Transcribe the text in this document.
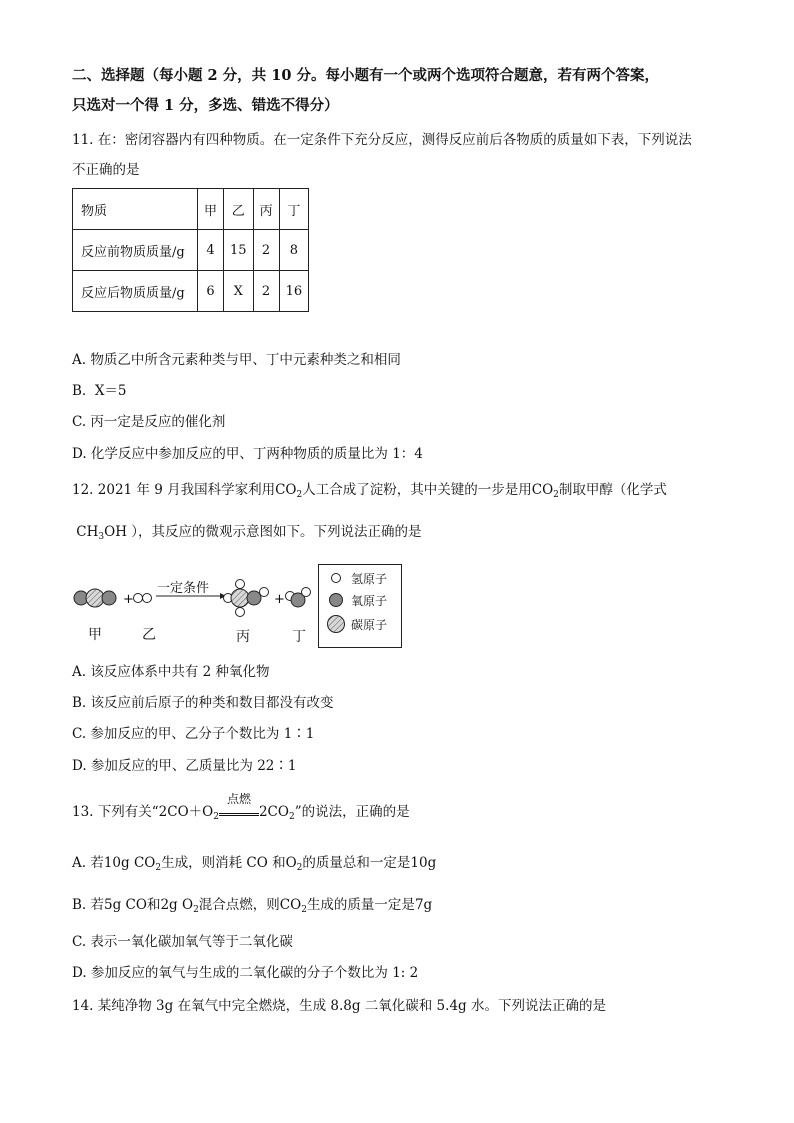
二、选择题（每小题 2 分，共 10 分。每小题有一个或两个选项符合题意，若有两个答案，
只选对一个得 1 分，多选、错选不得分）
11. 在：密闭容器内有四种物质。在一定条件下充分反应，测得反应前后各物质的质量如下表，下列说法
不正确的是
物质	甲	乙	丙	丁
反应前物质质量/g	4	15	2	8
反应后物质质量/g	6	X	2	16
A. 物质乙中所含元素种类与甲、丁中元素种类之和相同
B. X＝5
C. 丙一定是反应的催化剂
D. 化学反应中参加反应的甲、丁两种物质的质量比为 1：4
12. 2021 年 9 月我国科学家利用$CO_2$人工合成了淀粉，其中关键的一步是用$CO_2$制取甲醇（化学式
$CH_3OH$ ），其反应的微观示意图如下。下列说法正确的是
+	+
一定条件
甲	乙	丙	丁
氢原子
氧原子
碳原子
A. 该反应体系中共有 2 种氧化物
B. 该反应前后原子的种类和数目都没有改变
C. 参加反应的甲、乙分子个数比为 1∶1
D. 参加反应的甲、乙质量比为 22∶1
13. 下列有关“$2CO+O_2$
点燃
$2CO_2$”的说法，正确的是
A. 若10g $CO_2$生成，则消耗 CO 和$O_2$的质量总和一定是10g
B. 若5g CO和2g $O_2$混合点燃，则$CO_2$生成的质量一定是7g
C. 表示一氧化碳加氧气等于二氧化碳
D. 参加反应的氧气与生成的二氧化碳的分子个数比为 1: 2
14. 某纯净物 3g 在氧气中完全燃烧，生成 8.8g 二氧化碳和 5.4g 水。下列说法正确的是
